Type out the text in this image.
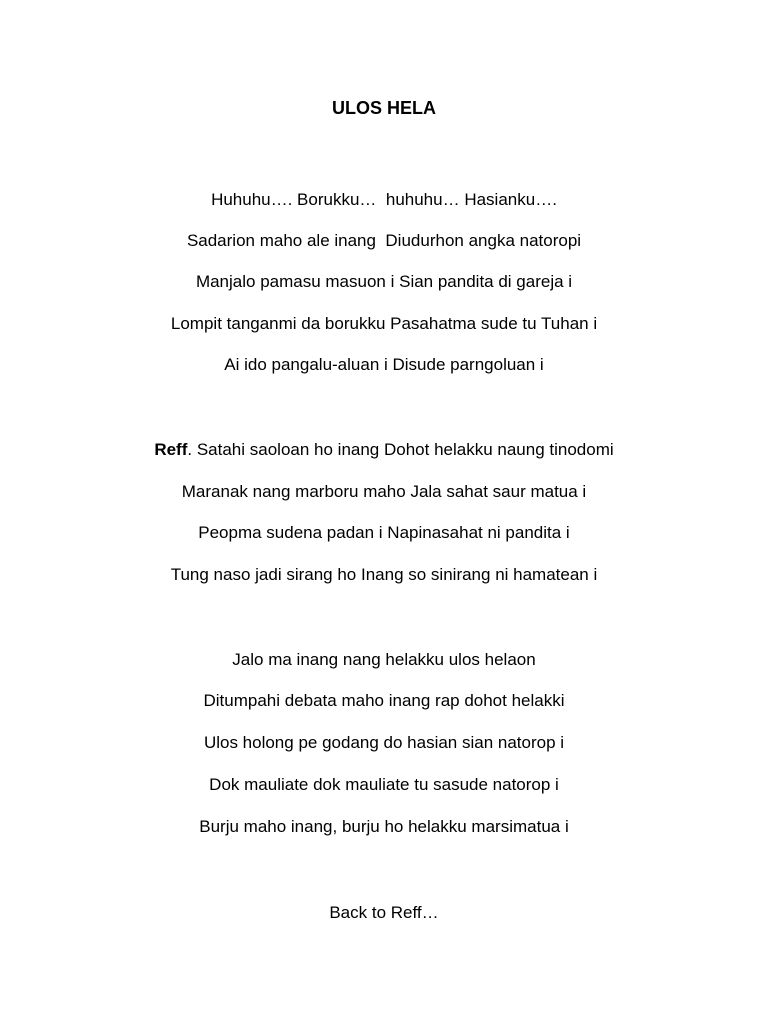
ULOS HELA
Huhuhu…. Borukku…  huhuhu… Hasianku….
Sadarion maho ale inang  Diudurhon angka natoropi
Manjalo pamasu masuon i Sian pandita di gareja i
Lompit tanganmi da borukku Pasahatma sude tu Tuhan i
Ai ido pangalu-aluan i Disude parngoluan i
Reff. Satahi saoloan ho inang Dohot helakku naung tinodomi
Maranak nang marboru maho Jala sahat saur matua i
Peopma sudena padan i Napinasahat ni pandita i
Tung naso jadi sirang ho Inang so sinirang ni hamatean i
Jalo ma inang nang helakku ulos helaon
Ditumpahi debata maho inang rap dohot helakki
Ulos holong pe godang do hasian sian natorop i
Dok mauliate dok mauliate tu sasude natorop i
Burju maho inang, burju ho helakku marsimatua i
Back to Reff…
